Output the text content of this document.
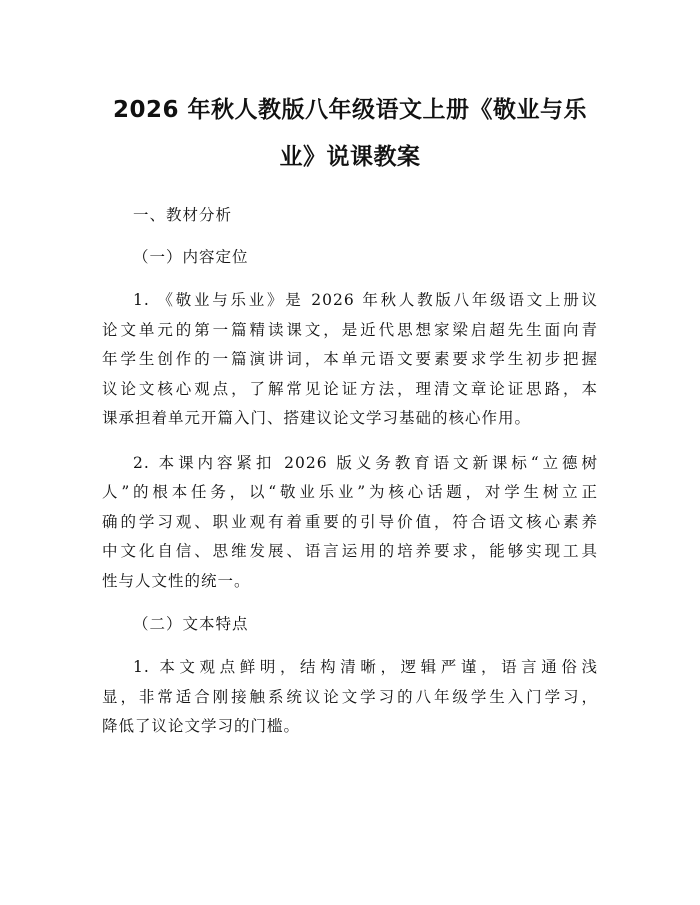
2026 年秋人教版八年级语文上册《敬业与乐
业》说课教案

一、教材分析

（一）内容定位

1. 《敬业与乐业》是 2026 年秋人教版八年级语文上册议
论文单元的第一篇精读课文，是近代思想家梁启超先生面向青
年学生创作的一篇演讲词，本单元语文要素要求学生初步把握
议论文核心观点，了解常见论证方法，理清文章论证思路，本
课承担着单元开篇入门、搭建议论文学习基础的核心作用。
2. 本课内容紧扣 2026 版义务教育语文新课标“立德树
人”的根本任务，以“敬业乐业”为核心话题，对学生树立正
确的学习观、职业观有着重要的引导价值，符合语文核心素养
中文化自信、思维发展、语言运用的培养要求，能够实现工具
性与人文性的统一。

（二）文本特点

1. 本文观点鲜明，结构清晰，逻辑严谨，语言通俗浅
显，非常适合刚接触系统议论文学习的八年级学生入门学习，
降低了议论文学习的门槛。
